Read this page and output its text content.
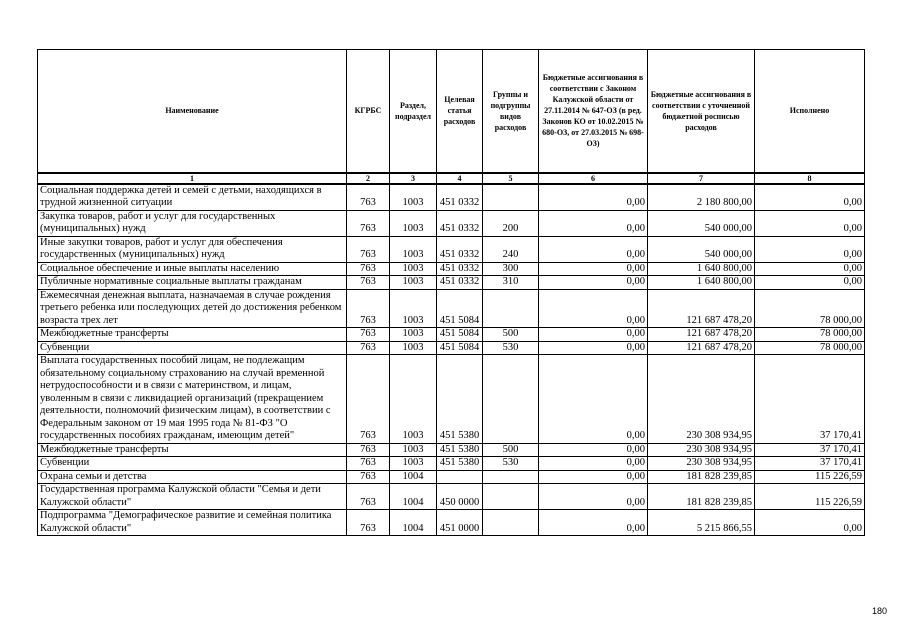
Наименование	КГРБС	Раздел, подраздел	Целевая статья расходов	Группы и подгруппы видов расходов	Бюджетные ассигнования в соответствии с Законом Калужской области от 27.11.2014 № 647-ОЗ (в ред. Законов КО от 10.02.2015 № 680-ОЗ, от 27.03.2015 № 698-ОЗ)	Бюджетные ассигнования в соответствии с уточненной бюджетной росписью расходов	Исполнено
1	2	3	4	5	6	7	8
Социальная поддержка детей и семей с детьми, находящихся в трудной жизненной ситуации	763	1003	451 0332		0,00	2 180 800,00	0,00
Закупка товаров, работ и услуг для государственных (муниципальных) нужд	763	1003	451 0332	200	0,00	540 000,00	0,00
Иные закупки товаров, работ и услуг для обеспечения государственных (муниципальных) нужд	763	1003	451 0332	240	0,00	540 000,00	0,00
Социальное обеспечение и иные выплаты населению	763	1003	451 0332	300	0,00	1 640 800,00	0,00
Публичные нормативные социальные выплаты гражданам	763	1003	451 0332	310	0,00	1 640 800,00	0,00
Ежемесячная денежная выплата, назначаемая в случае рождения третьего ребенка или последующих детей до достижения ребенком возраста трех лет	763	1003	451 5084		0,00	121 687 478,20	78 000,00
Межбюджетные трансферты	763	1003	451 5084	500	0,00	121 687 478,20	78 000,00
Субвенции	763	1003	451 5084	530	0,00	121 687 478,20	78 000,00
Выплата государственных пособий лицам, не подлежащим обязательному социальному страхованию на случай временной нетрудоспособности и в связи с материнством, и лицам, уволенным в связи с ликвидацией организаций (прекращением деятельности, полномочий физическим лицам), в соответствии с Федеральным законом от 19 мая 1995 года № 81-ФЗ "О государственных пособиях гражданам, имеющим детей"	763	1003	451 5380		0,00	230 308 934,95	37 170,41
Межбюджетные трансферты	763	1003	451 5380	500	0,00	230 308 934,95	37 170,41
Субвенции	763	1003	451 5380	530	0,00	230 308 934,95	37 170,41
Охрана семьи и детства	763	1004			0,00	181 828 239,85	115 226,59
Государственная программа Калужской области "Семья и дети Калужской области"	763	1004	450 0000		0,00	181 828 239,85	115 226,59
Подпрограмма "Демографическое развитие и семейная политика Калужской области"	763	1004	451 0000		0,00	5 215 866,55	0,00
180
